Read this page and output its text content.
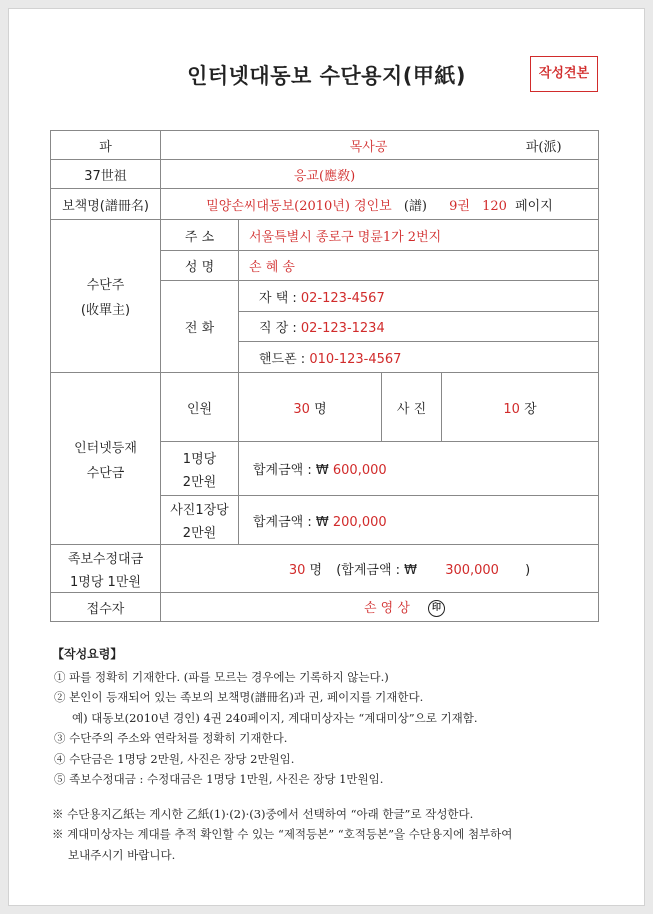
인터넷대동보 수단용지(甲紙)	작성견본
파	목사공 파(派)			
37世祖	응교(應敎)			
보책명(譜冊名)	밀양손씨대동보(2010년) 경인보 (譜) 9권 120 페이지			

수단주
(收單主)	주 소	서울특별시 종로구 명륜1가 2번지		
	성 명	손 혜 송		
	전 화	자 택 : 02-123-4567		
		직 장 : 02-123-1234		
		핸드폰 : 010-123-4567		

인터넷등재
수단금	인원	30 명	사 진	10 장

	1명당
2만원	합계금액 : ₩ 600,000		

	사진1장당
2만원	합계금액 : ₩ 200,000		

족보수정대금
1명당 1만원	30 명 (합계금액 : ₩ 300,000 )			
접수자	손 영 상 印			
【작성요령】
① 파를 정확히 기재한다. (파를 모르는 경우에는 기록하지 않는다.)
② 본인이 등재되어 있는 족보의 보책명(譜冊名)과 권, 페이지를 기재한다.
예) 대동보(2010년 경인) 4권 240페이지, 계대미상자는 “계대미상”으로 기재함.
③ 수단주의 주소와 연락처를 정확히 기재한다.
④ 수단금은 1명당 2만원, 사진은 장당 2만원임.
⑤ 족보수정대금 : 수정대금은 1명당 1만원, 사진은 장당 1만원임.
※ 수단용지乙紙는 게시한 乙紙(1)·(2)·(3)중에서 선택하여 “아래 한글”로 작성한다.
※ 계대미상자는 계대를 추적 확인할 수 있는 “제적등본” “호적등본”을 수단용지에 첨부하여
보내주시기 바랍니다.
